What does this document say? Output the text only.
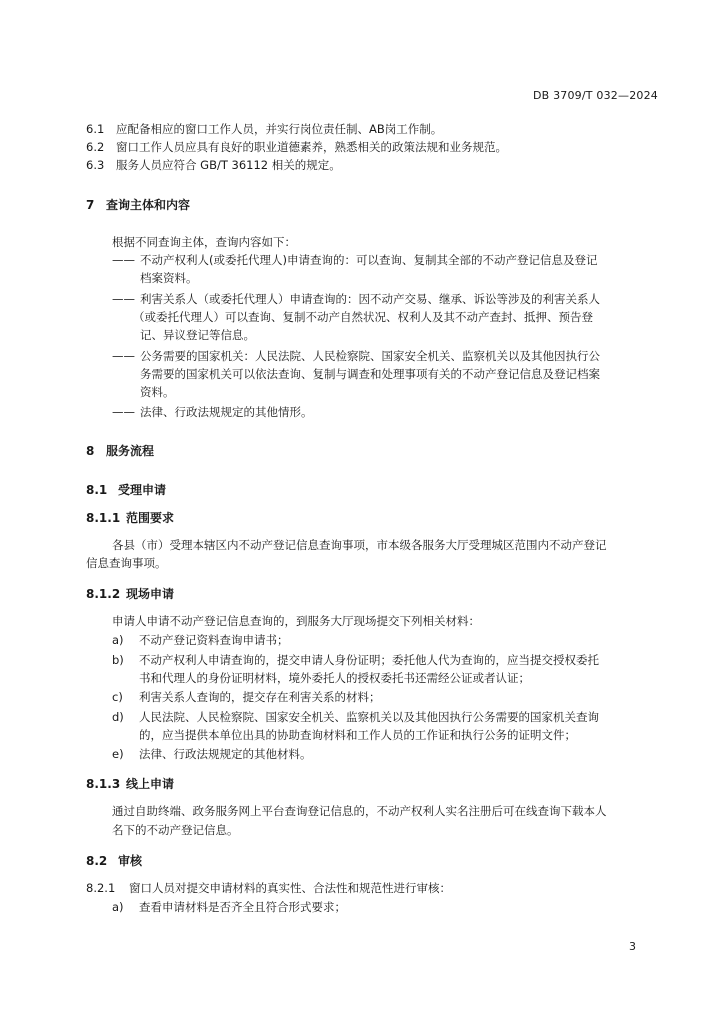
DB 3709/T 032—2024
6.1 应配备相应的窗口工作人员，并实行岗位责任制、AB岗工作制。
6.2 窗口工作人员应具有良好的职业道德素养，熟悉相关的政策法规和业务规范。
6.3 服务人员应符合 GB/T 36112 相关的规定。
7 查询主体和内容
根据不同查询主体，查询内容如下：
—— 不动产权利人(或委托代理人)申请查询的：可以查询、复制其全部的不动产登记信息及登记
档案资料。
—— 利害关系人（或委托代理人）申请查询的：因不动产交易、继承、诉讼等涉及的利害关系人
（或委托代理人）可以查询、复制不动产自然状况、权利人及其不动产查封、抵押、预告登
记、异议登记等信息。
—— 公务需要的国家机关：人民法院、人民检察院、国家安全机关、监察机关以及其他因执行公
务需要的国家机关可以依法查询、复制与调查和处理事项有关的不动产登记信息及登记档案
资料。
—— 法律、行政法规规定的其他情形。
8 服务流程
8.1 受理申请
8.1.1 范围要求
各县（市）受理本辖区内不动产登记信息查询事项，市本级各服务大厅受理城区范围内不动产登记
信息查询事项。
8.1.2 现场申请
申请人申请不动产登记信息查询的，到服务大厅现场提交下列相关材料：
a) 不动产登记资料查询申请书；
b) 不动产权利人申请查询的，提交申请人身份证明；委托他人代为查询的，应当提交授权委托
书和代理人的身份证明材料，境外委托人的授权委托书还需经公证或者认证；
c) 利害关系人查询的，提交存在利害关系的材料；
d) 人民法院、人民检察院、国家安全机关、监察机关以及其他因执行公务需要的国家机关查询
的，应当提供本单位出具的协助查询材料和工作人员的工作证和执行公务的证明文件；
e) 法律、行政法规规定的其他材料。
8.1.3 线上申请
通过自助终端、政务服务网上平台查询登记信息的，不动产权利人实名注册后可在线查询下载本人
名下的不动产登记信息。
8.2 审核
8.2.1 窗口人员对提交申请材料的真实性、合法性和规范性进行审核：
a) 查看申请材料是否齐全且符合形式要求；
3
